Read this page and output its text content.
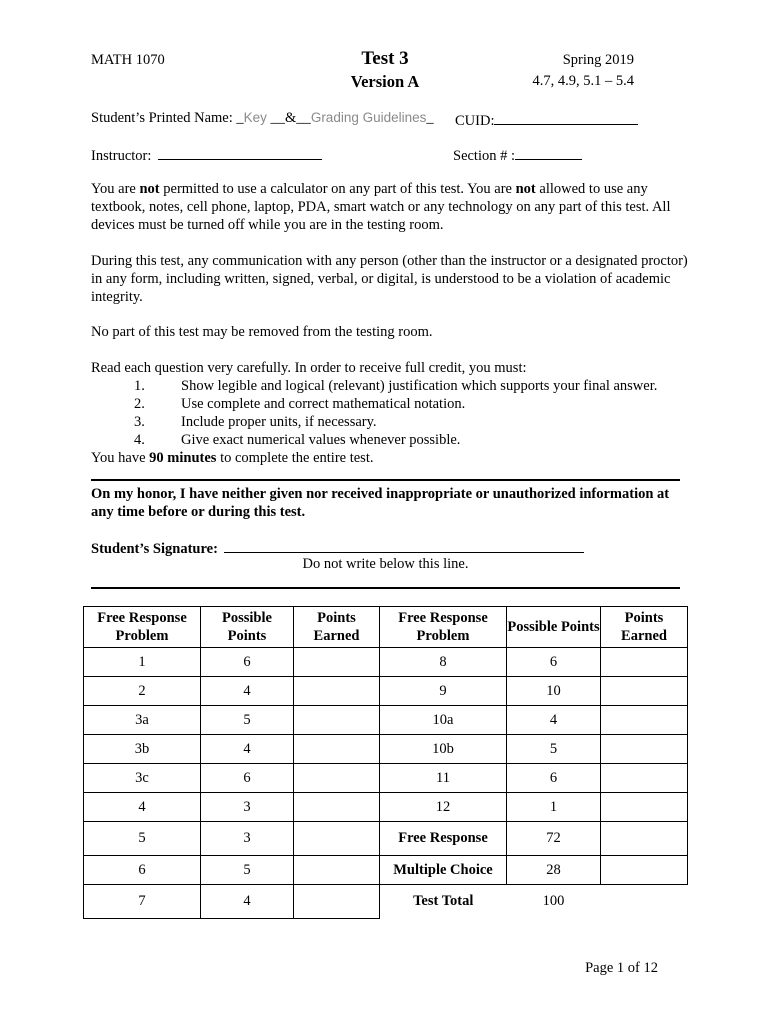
MATH 1070	Test 3
Version A
Spring 2019
4.7, 4.9, 5.1 – 5.4
Student’s Printed Name: _Key __&__Grading Guidelines_ CUID:
Instructor:	Section # :
You are not permitted to use a calculator on any part of this test. You are not allowed to use any textbook, notes, cell phone, laptop, PDA, smart watch or any technology on any part of this test. All devices must be turned off while you are in the testing room.
During this test, any communication with any person (other than the instructor or a designated proctor) in any form, including written, signed, verbal, or digital, is understood to be a violation of academic integrity.
No part of this test may be removed from the testing room.
Read each question very carefully. In order to receive full credit, you must:
1. Show legible and logical (relevant) justification which supports your final answer.
2. Use complete and correct mathematical notation.
3. Include proper units, if necessary.
4. Give exact numerical values whenever possible.
You have 90 minutes to complete the entire test.
On my honor, I have neither given nor received inappropriate or unauthorized information at any time before or during this test.
Student’s Signature:
Do not write below this line.
Free Response Problem	Possible Points	Points Earned	Free Response Problem	Possible Points	Points Earned
1	6		8	6	
2	4		9	10	
3a	5		10a	4	
3b	4		10b	5	
3c	6		11	6	
4	3		12	1	
5	3		Free Response	72	
6	5		Multiple Choice	28	
7	4		Test Total	100	
Page 1 of 12
